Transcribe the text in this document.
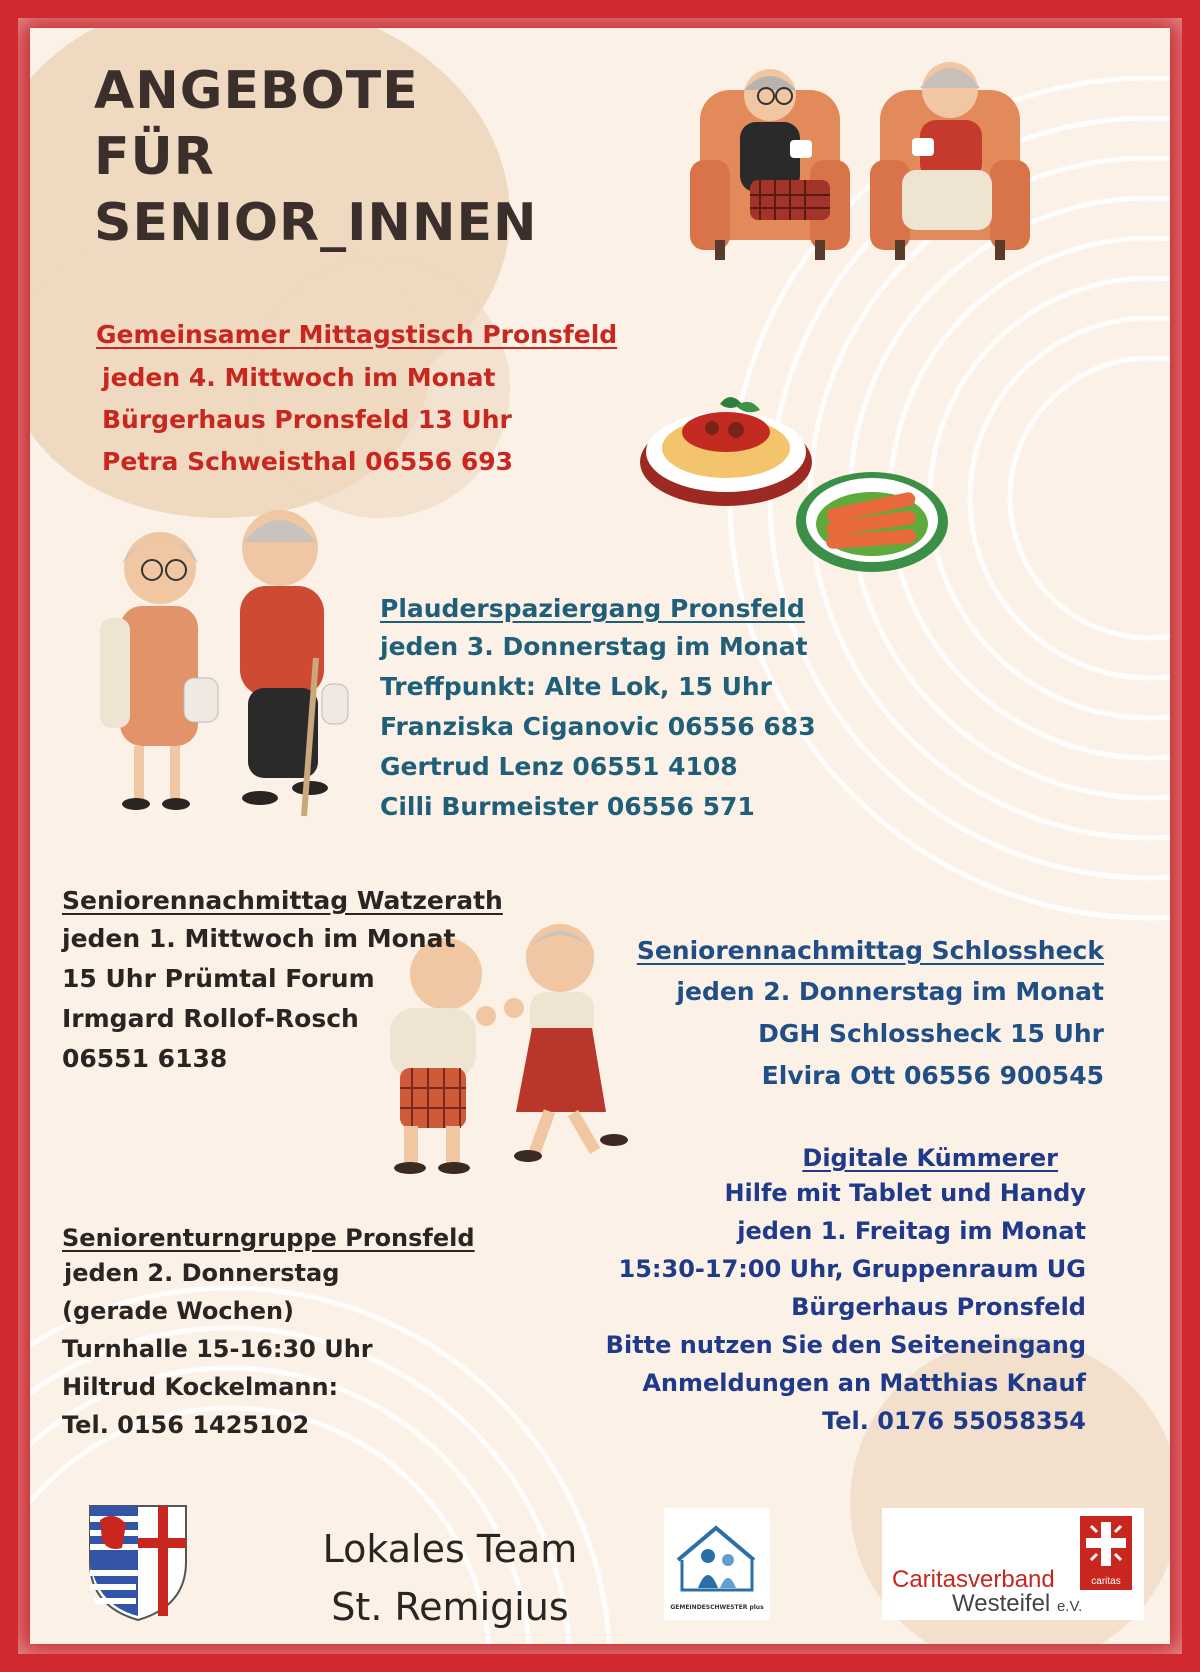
ANGEBOTE
FÜR
SENIOR_INNEN
Gemeinsamer Mittagstisch Pronsfeld
jeden 4. Mittwoch im Monat
Bürgerhaus Pronsfeld 13 Uhr
Petra Schweisthal 06556 693
Plauderspaziergang Pronsfeld
jeden 3. Donnerstag im Monat
Treffpunkt: Alte Lok, 15 Uhr
Franziska Ciganovic 06556 683
Gertrud Lenz 06551 4108
Cilli Burmeister 06556 571
Seniorennachmittag Watzerath
jeden 1. Mittwoch im Monat
15 Uhr Prümtal Forum
Irmgard Rollof-Rosch
06551 6138
Seniorennachmittag Schlossheck
jeden 2. Donnerstag im Monat
DGH Schlossheck 15 Uhr
Elvira Ott 06556 900545
Seniorenturngruppe Pronsfeld
jeden 2. Donnerstag
(gerade Wochen)
Turnhalle 15-16:30 Uhr
Hiltrud Kockelmann:
Tel. 0156 1425102
Digitale Kümmerer
Hilfe mit Tablet und Handy
jeden 1. Freitag im Monat
15:30-17:00 Uhr, Gruppenraum UG
Bürgerhaus Pronsfeld
Bitte nutzen Sie den Seiteneingang
Anmeldungen an Matthias Knauf
Tel. 0176 55058354
Lokales Team
St. Remigius	GEMEINDESCHWESTER plus
caritas
Caritasverband
Westeifel e.V.
